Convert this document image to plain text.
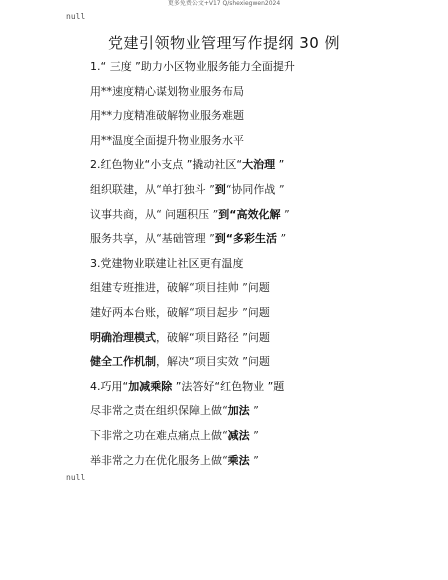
更多免费公文+V17 Q/shexiegwen2024
null
党建引领物业管理写作提纲 30 例
1.“ 三度 ”助力小区物业服务能力全面提升
用**速度精心谋划物业服务布局
用**力度精准破解物业服务难题
用**温度全面提升物业服务水平
2.红色物业“小支点 ”撬动社区“大治理 ”
组织联建，从“单打独斗 ”到“协同作战 ”
议事共商，从“ 问题积压 ”到“高效化解 ”
服务共享，从“基础管理 ”到“多彩生活 ”
3.党建物业联建让社区更有温度
组建专班推进，破解“项目挂帅 ”问题
建好两本台账，破解“项目起步 ”问题
明确治理模式，破解“项目路径 ”问题
健全工作机制，解决“项目实效 ”问题
4.巧用“加减乘除 ”法答好“红色物业 ”题
尽非常之责在组织保障上做“加法 ”
下非常之功在难点痛点上做“减法 ”
举非常之力在优化服务上做“乘法 ”
null
